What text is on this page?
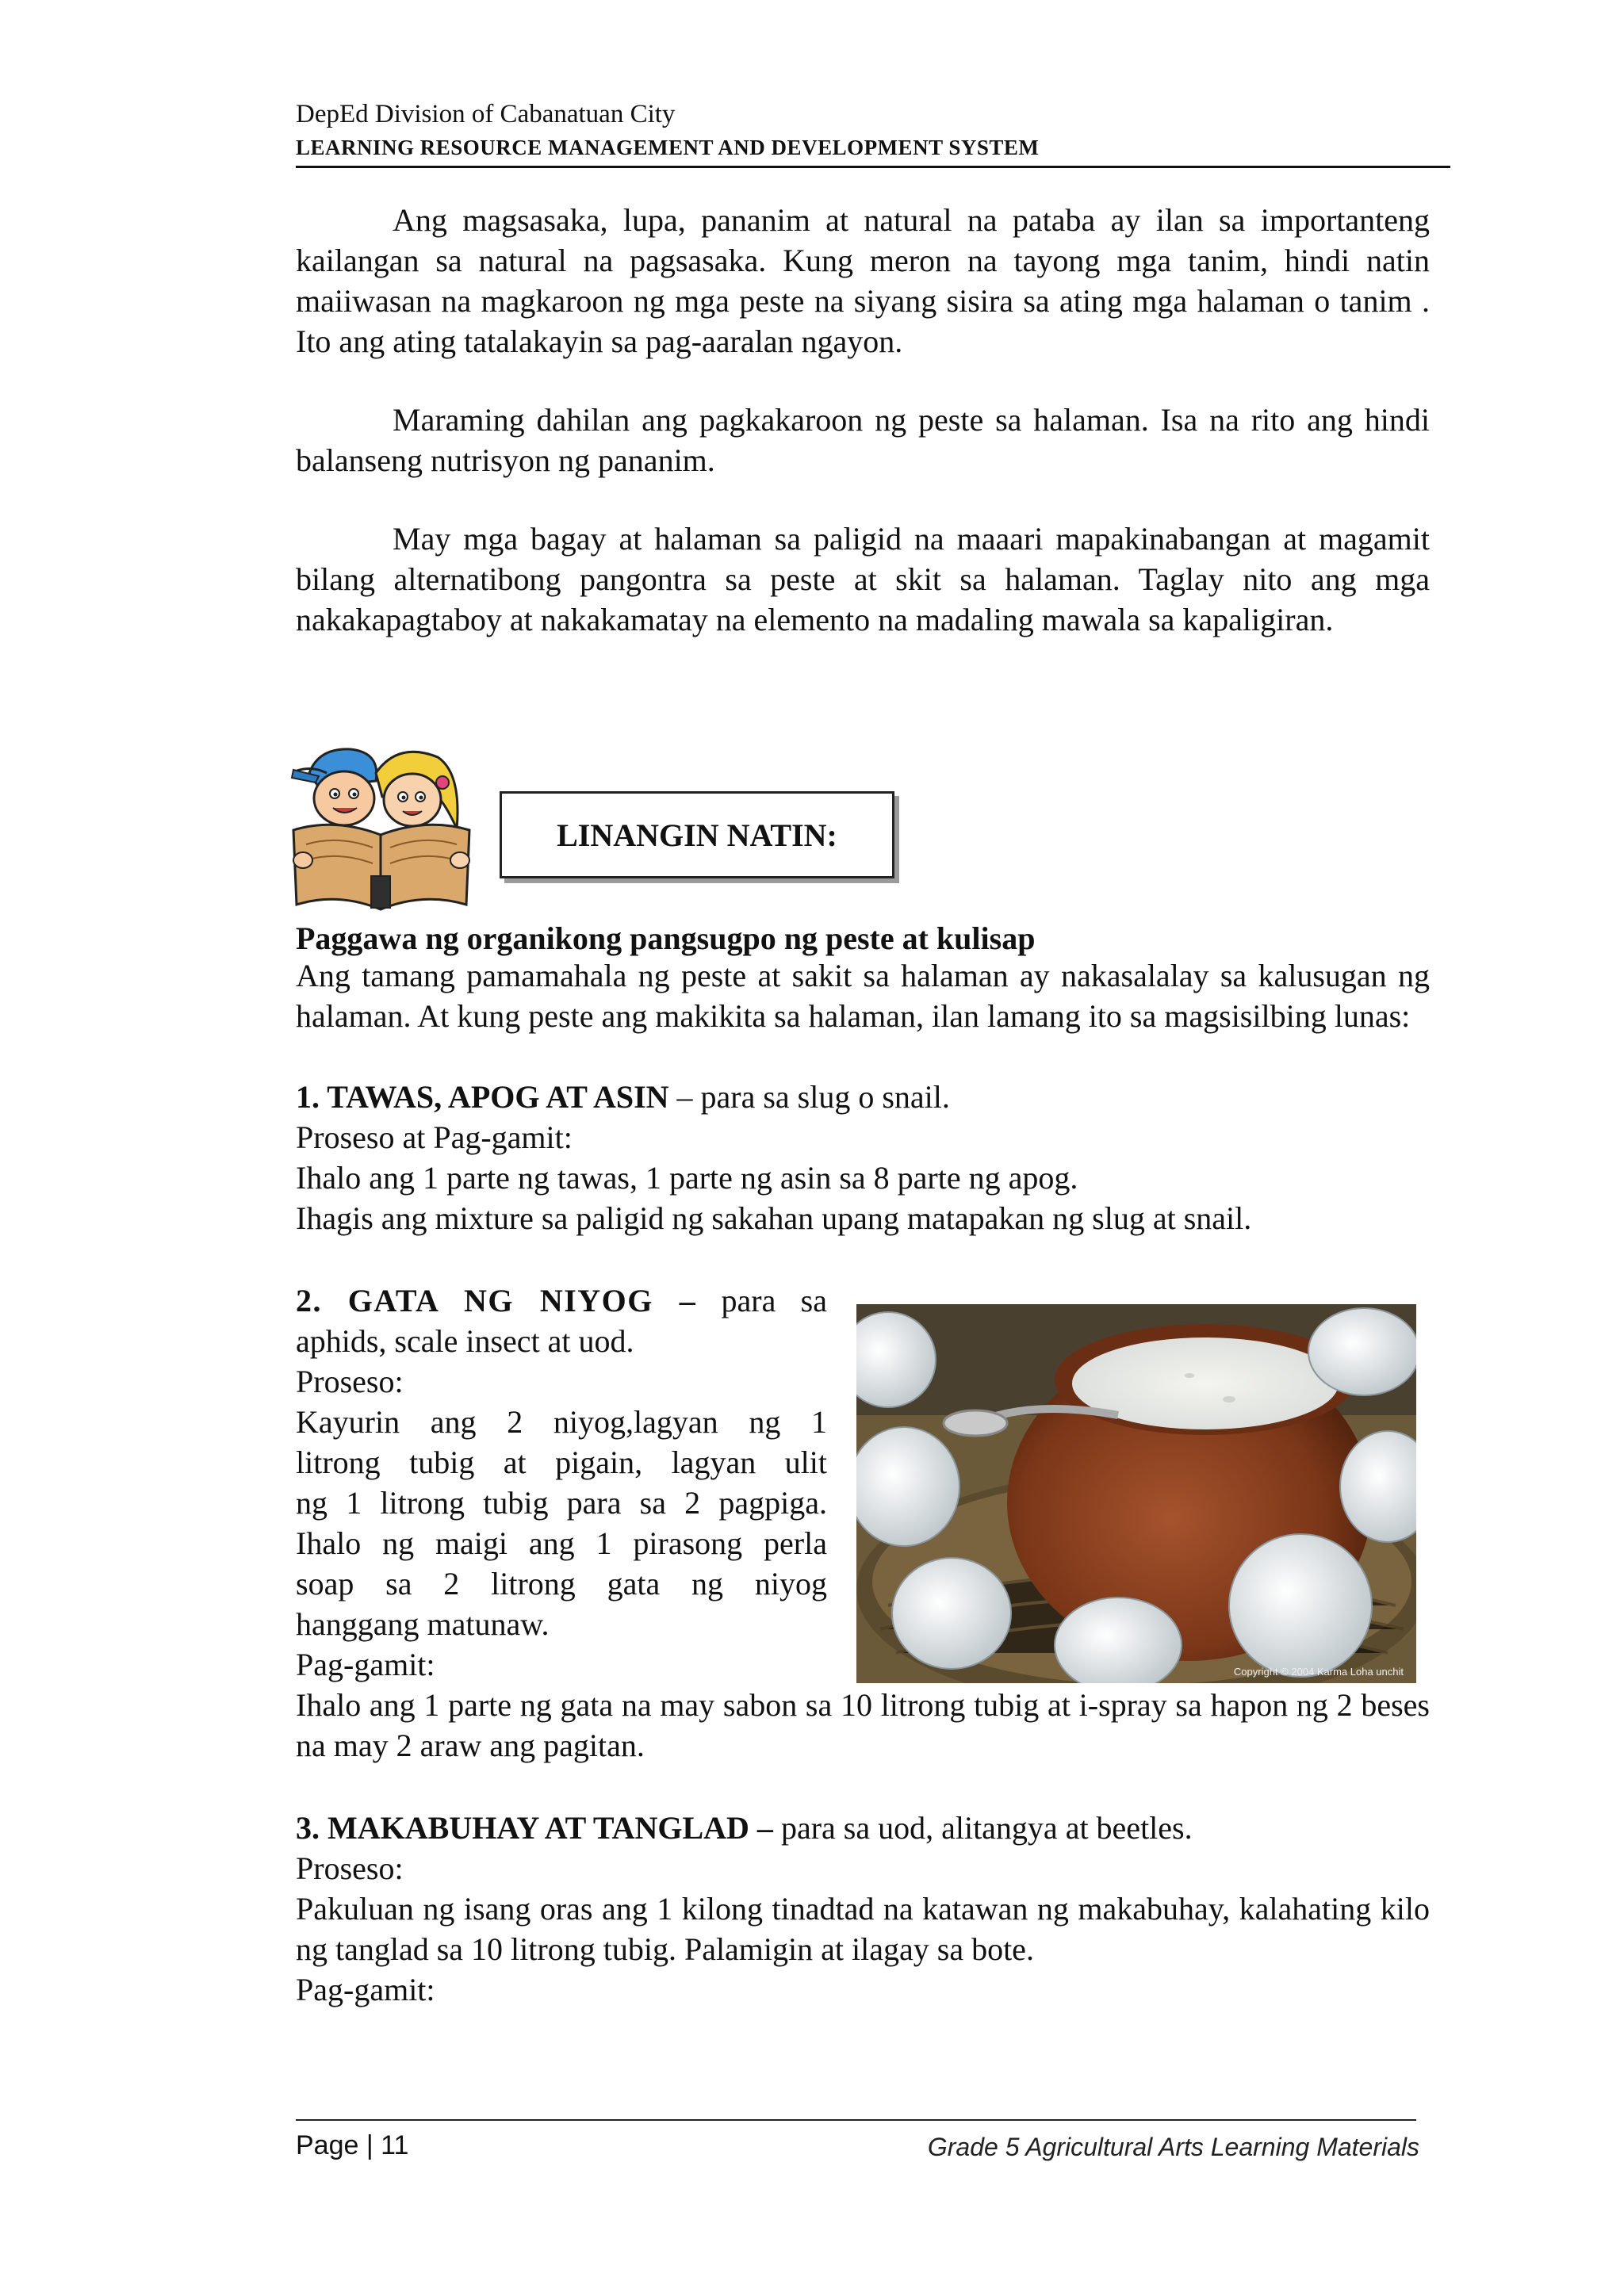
DepEd Division of Cabanatuan City
LEARNING RESOURCE MANAGEMENT AND DEVELOPMENT SYSTEM
Ang magsasaka, lupa, pananim at natural na pataba ay ilan sa importanteng kailangan sa natural na pagsasaka. Kung meron na tayong mga tanim, hindi natin maiiwasan na magkaroon ng mga peste na siyang sisira sa ating mga halaman o tanim . Ito ang ating tatalakayin sa pag-aaralan ngayon.
Maraming dahilan ang pagkakaroon ng peste sa halaman. Isa na rito ang hindi balanseng nutrisyon ng pananim.
May mga bagay at halaman sa paligid na maaari mapakinabangan at magamit bilang alternatibong pangontra sa peste at skit sa halaman. Taglay nito ang mga nakakapagtaboy at nakakamatay na elemento na madaling mawala sa kapaligiran.
LINANGIN NATIN:
Paggawa ng organikong pangsugpo ng peste at kulisap
Ang tamang pamamahala ng peste at sakit sa halaman ay nakasalalay sa kalusugan ng halaman. At kung peste ang makikita sa halaman, ilan lamang ito sa magsisilbing lunas:
1. TAWAS, APOG AT ASIN – para sa slug o snail.
Proseso at Pag-gamit:
Ihalo ang 1 parte ng tawas, 1 parte ng asin sa 8 parte ng apog.
Ihagis ang mixture sa paligid ng sakahan upang matapakan ng slug at snail.
2. GATA NG NIYOG – para sa
aphids, scale insect at uod.
Proseso:
Kayurin ang 2 niyog,lagyan ng 1
litrong tubig at pigain, lagyan ulit
ng 1 litrong tubig para sa 2 pagpiga.
Ihalo ng maigi ang 1 pirasong perla
soap sa 2 litrong gata ng niyog
hanggang matunaw.
Pag-gamit:	Copyright © 2004 Karma Loha unchit
Ihalo ang 1 parte ng gata na may sabon sa 10 litrong tubig at i-spray sa hapon ng 2 beses na may 2 araw ang pagitan.
3. MAKABUHAY AT TANGLAD – para sa uod, alitangya at beetles.
Proseso:
Pakuluan ng isang oras ang 1 kilong tinadtad na katawan ng makabuhay, kalahating kilo ng tanglad sa 10 litrong tubig. Palamigin at ilagay sa bote.
Pag-gamit:
Page | 11	Grade 5 Agricultural Arts Learning Materials
